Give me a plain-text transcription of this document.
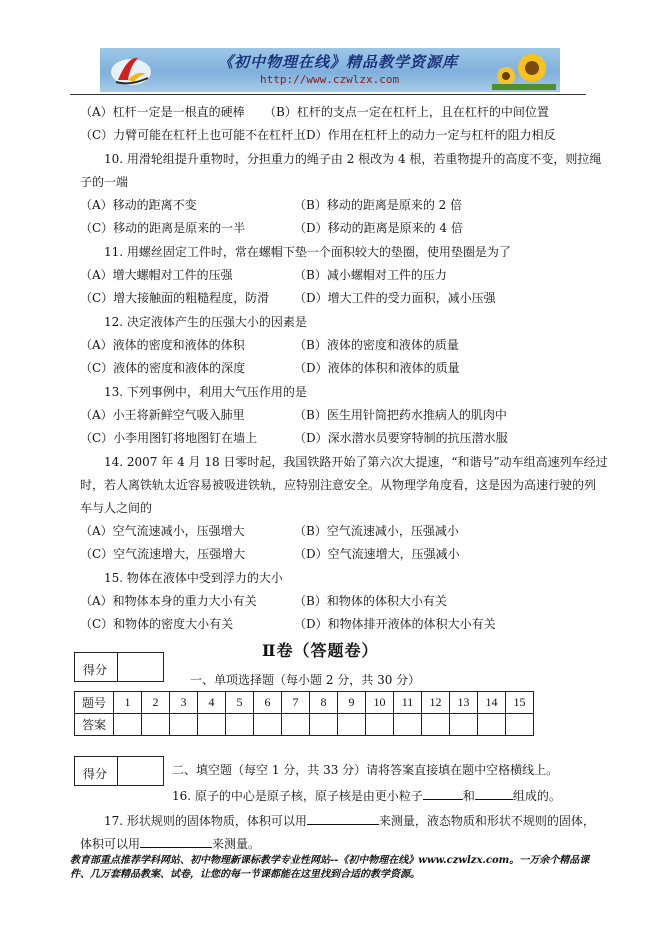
《初中物理在线》精品教学资源库
http://www.czwlzx.com
（A）杠杆一定是一根直的硬棒 （B）杠杆的支点一定在杠杆上，且在杠杆的中间位置
（C）力臂可能在杠杆上也可能不在杠杆上
（D）作用在杠杆上的动力一定与杠杆的阻力相反
10. 用滑轮组提升重物时，分担重力的绳子由 2 根改为 4 根，若重物提升的高度不变，则拉绳
子的一端
（A）移动的距离不变	（B）移动的距离是原来的 2 倍
（C）移动的距离是原来的一半	（D）移动的距离是原来的 4 倍
11. 用螺丝固定工件时，常在螺帽下垫一个面积较大的垫圈，使用垫圈是为了
（A）增大螺帽对工件的压强	（B）减小螺帽对工件的压力
（C）增大接触面的粗糙程度，防滑 （D）增大工件的受力面积，减小压强
12. 决定液体产生的压强大小的因素是
（A）液体的密度和液体的体积	（B）液体的密度和液体的质量
（C）液体的密度和液体的深度	（D）液体的体积和液体的质量
13. 下列事例中，利用大气压作用的是
（A）小王将新鲜空气吸入肺里	（B）医生用针筒把药水推病人的肌肉中
（C）小李用图钉将地图钉在墙上	（D）深水潜水员要穿特制的抗压潜水服
14. 2007 年 4 月 18 日零时起，我国铁路开始了第六次大提速，“和谐号”动车组高速列车经过
时，若人离铁轨太近容易被吸进铁轨，应特别注意安全。从物理学角度看，这是因为高速行驶的列
车与人之间的
（A）空气流速减小，压强增大	（B）空气流速减小，压强减小
（C）空气流速增大，压强增大	（D）空气流速增大，压强减小
15. 物体在液体中受到浮力的大小
（A）和物体本身的重力大小有关	（B）和物体的体积大小有关
（C）和物体的密度大小有关	（D）和物体排开液体的体积大小有关
Ⅱ卷（答题卷）
得分
一、单项选择题（每小题 2 分，共 30 分）
题号	1	2	3	4	5	6	7	8	9	10	11	12	13	14	15
答案															
得分	二、填空题（每空 1 分，共 33 分）请将答案直接填在题中空格横线上。
16. 原子的中心是原子核，原子核是由更小粒子	和	组成的。
17. 形状规则的固体物质，体积可以用	来测量，液态物质和形状不规则的固体，
体积可以用	来测量。
教育部重点推荐学科网站、初中物理新课标教学专业性网站--《初中物理在线》www.czwlzx.com。一万余个精品课件、几万套精品教案、试卷，让您的每一节课都能在这里找到合适的教学资源。
